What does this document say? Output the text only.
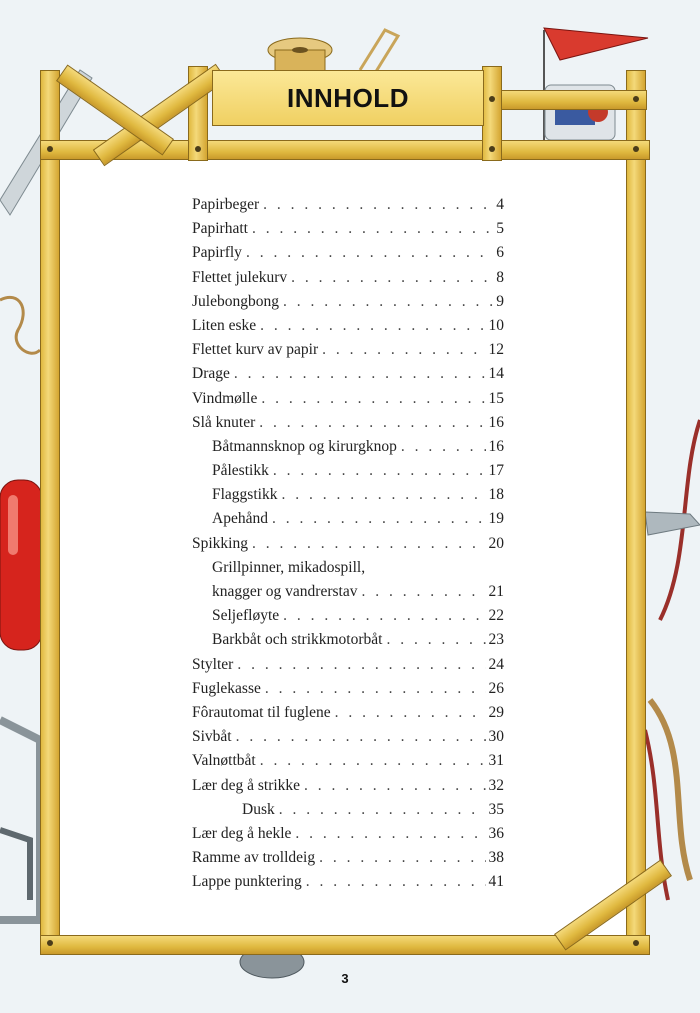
INNHOLD
Papirbeger . . .	4
Papirhatt . . .	5
Papirfly . . .	6
Flettet julekurv . . .	8
Julebongbong . . .	9
Liten eske . . .	10
Flettet kurv av papir . . .	12
Drage . . .	14
Vindmølle . . .	15
Slå knuter . . .	16
Båtmannsknop og kirurgknop . . .	16
Pålestikk . . .	17
Flaggstikk . . .	18
Apehånd . . .	19
Spikking . . .	20
Grillpinner, mikadospill,
knagger og vandrerstav . . .	21
Seljefløyte . . .	22
Barkbåt och strikkmotorbåt . . .	23
Stylter . . .	24
Fuglekasse . . .	26
Fôrautomat til fuglene . . .	29
Sivbåt . . .	30
Valnøttbåt . . .	31
Lær deg å strikke . . .	32
Dusk . . .	35
Lær deg å hekle . . .	36
Ramme av trolldeig . . .	38
Lappe punktering . . .	41
3
